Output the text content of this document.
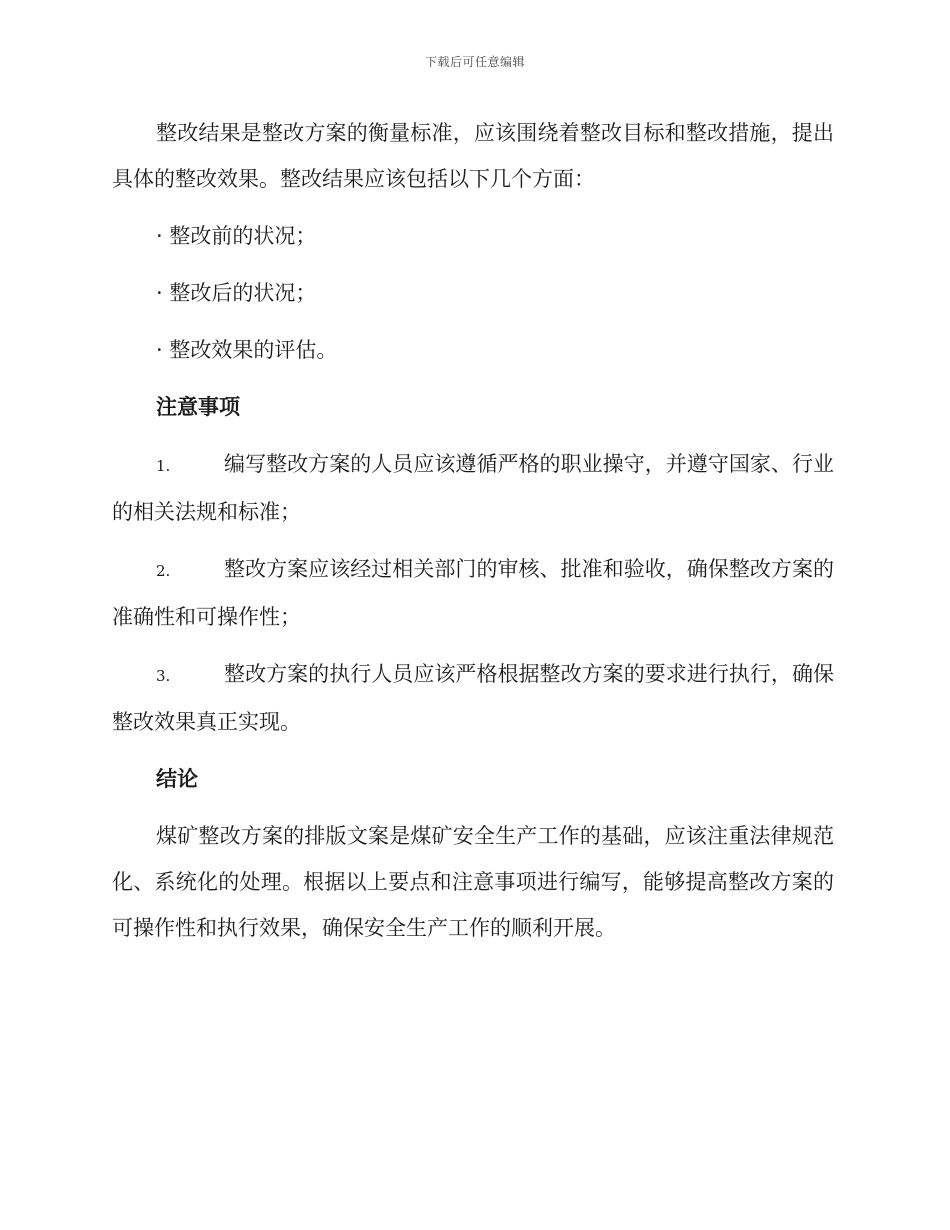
下载后可任意编辑

整改结果是整改方案的衡量标准，应该围绕着整改目标和整改措施，提出具体的整改效果。整改结果应该包括以下几个方面：

· 整改前的状况；
· 整改后的状况；
· 整改效果的评估。
注意事项
1.	编写整改方案的人员应该遵循严格的职业操守，并遵守国家、行业的相关法规和标准；
2.	整改方案应该经过相关部门的审核、批准和验收，确保整改方案的准确性和可操作性；
3.	整改方案的执行人员应该严格根据整改方案的要求进行执行，确保整改效果真正实现。
结论

煤矿整改方案的排版文案是煤矿安全生产工作的基础，应该注重法律规范化、系统化的处理。根据以上要点和注意事项进行编写，能够提高整改方案的可操作性和执行效果，确保安全生产工作的顺利开展。
